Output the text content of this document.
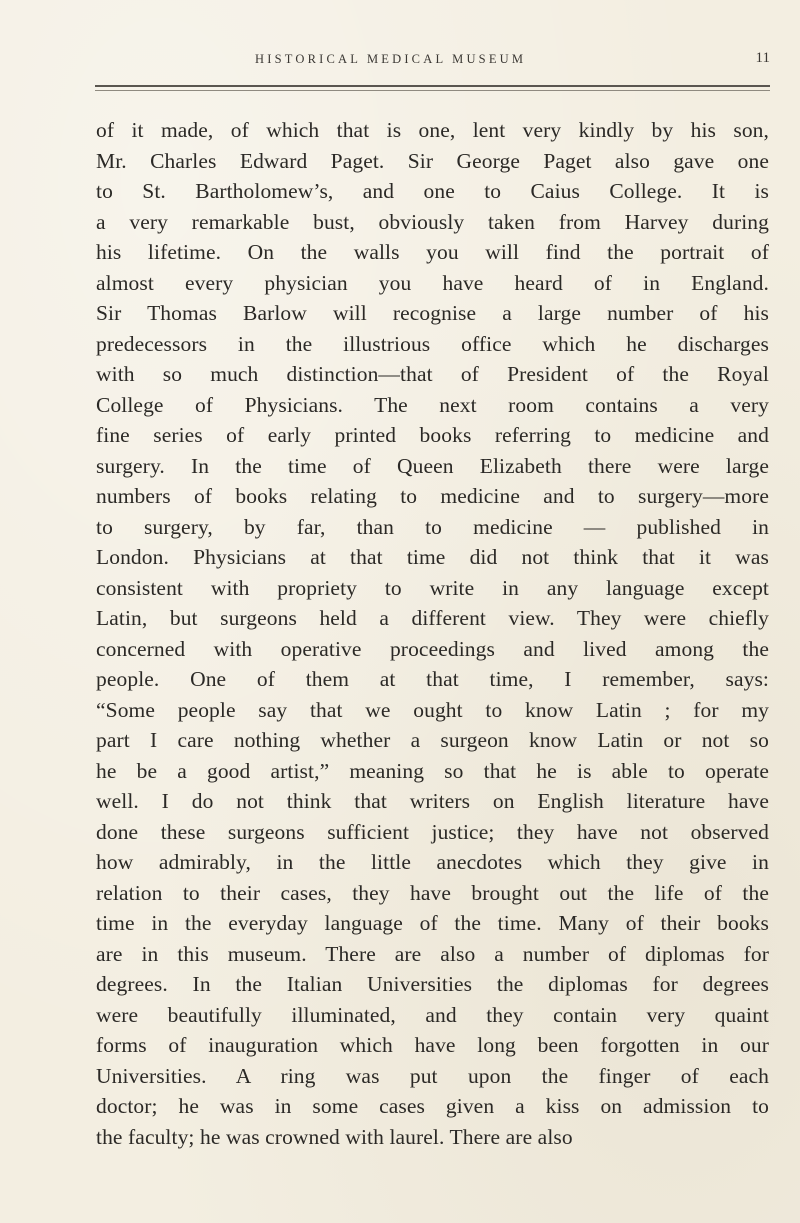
HISTORICAL MEDICAL MUSEUM	11
of it made, of which that is one, lent very kindly by his son,
Mr. Charles Edward Paget. Sir George Paget also gave one
to St. Bartholomew’s, and one to Caius College. It is
a very remarkable bust, obviously taken from Harvey during
his lifetime. On the walls you will find the portrait of
almost every physician you have heard of in England.
Sir Thomas Barlow will recognise a large number of his
predecessors in the illustrious office which he discharges
with so much distinction—that of President of the Royal
College of Physicians. The next room contains a very
fine series of early printed books referring to medicine and
surgery. In the time of Queen Elizabeth there were large
numbers of books relating to medicine and to surgery—more
to surgery, by far, than to medicine — published in
London. Physicians at that time did not think that it was
consistent with propriety to write in any language except
Latin, but surgeons held a different view. They were chiefly
concerned with operative proceedings and lived among the
people. One of them at that time, I remember, says:
“Some people say that we ought to know Latin ; for my
part I care nothing whether a surgeon know Latin or not so
he be a good artist,” meaning so that he is able to operate
well. I do not think that writers on English literature have
done these surgeons sufficient justice; they have not observed
how admirably, in the little anecdotes which they give in
relation to their cases, they have brought out the life of the
time in the everyday language of the time. Many of their books
are in this museum. There are also a number of diplomas for
degrees. In the Italian Universities the diplomas for degrees
were beautifully illuminated, and they contain very quaint
forms of inauguration which have long been forgotten in our
Universities. A ring was put upon the finger of each
doctor; he was in some cases given a kiss on admission to
the faculty; he was crowned with laurel. There are also
